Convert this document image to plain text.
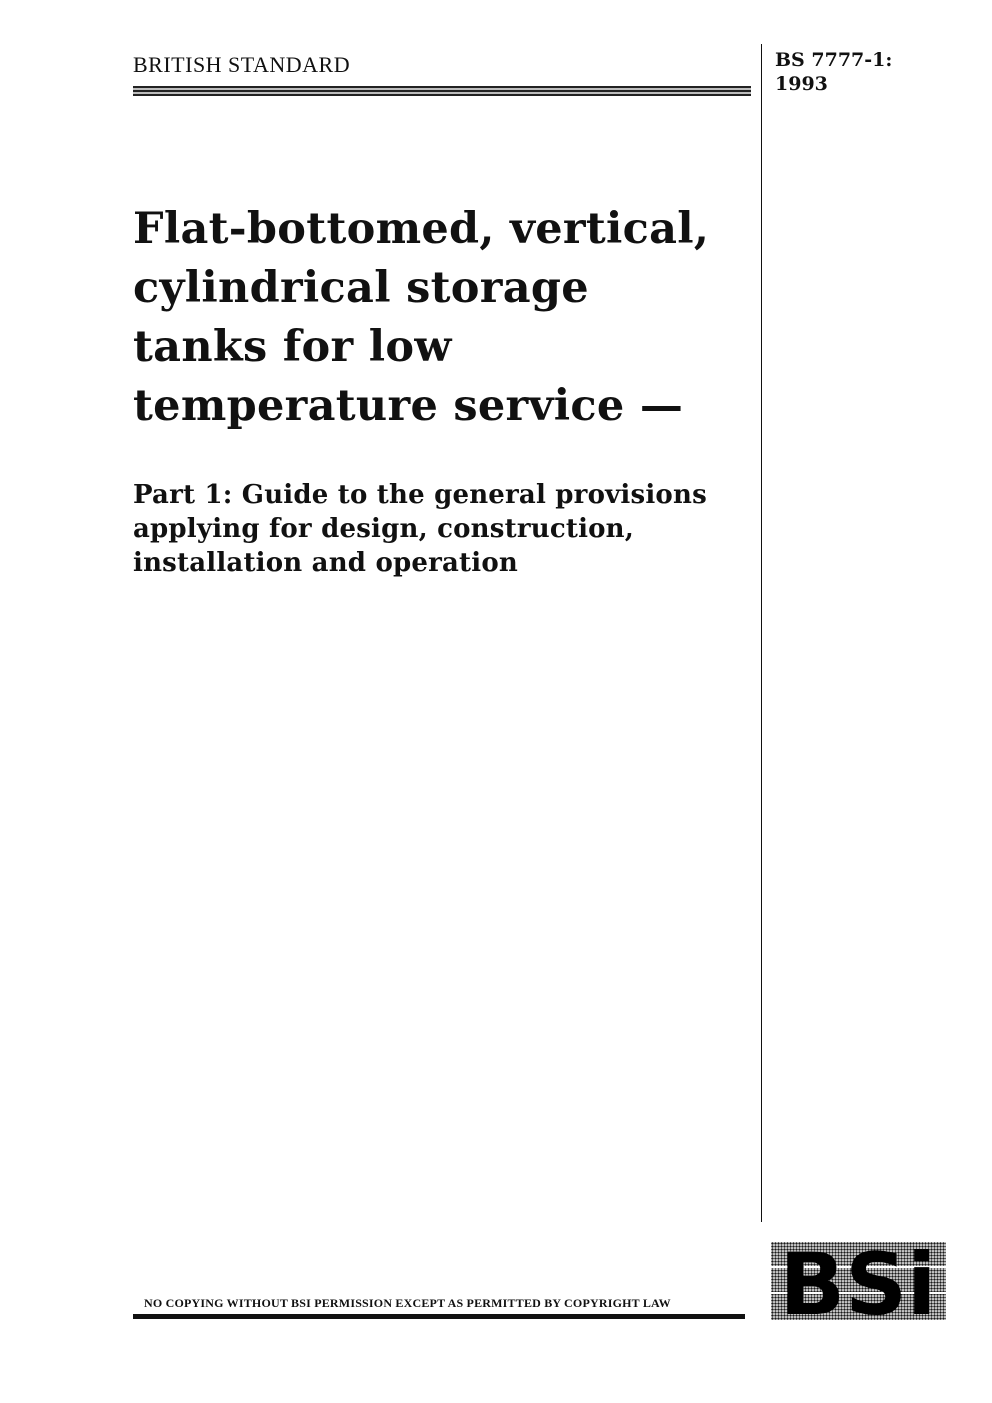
BRITISH STANDARD	BS 7777-1:
1993
Flat-bottomed, vertical,
cylindrical storage
tanks for low
temperature service —
Part 1: Guide to the general provisions
applying for design, construction,
installation and operation
BSi
NO COPYING WITHOUT BSI PERMISSION EXCEPT AS PERMITTED BY COPYRIGHT LAW
